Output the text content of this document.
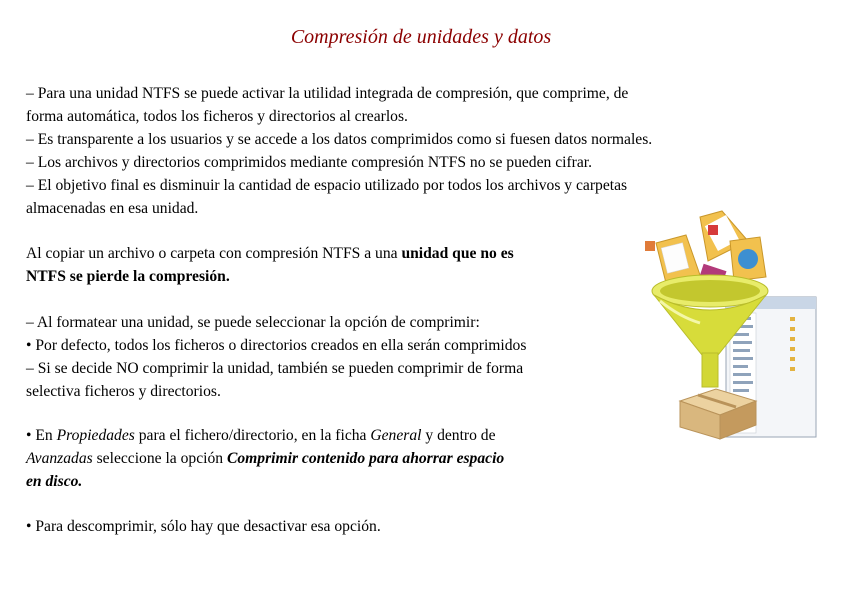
Compresión de unidades y datos
– Para una unidad NTFS se puede activar la utilidad integrada de compresión, que comprime, de
forma automática, todos los ficheros y directorios al crearlos.
– Es transparente a los usuarios y se accede a los datos comprimidos como si fuesen datos normales.
– Los archivos y directorios comprimidos mediante compresión NTFS no se pueden cifrar.
– El objetivo final es disminuir la cantidad de espacio utilizado por todos los archivos y carpetas
almacenadas en esa unidad.
Al copiar un archivo o carpeta con compresión NTFS a una unidad que no es
NTFS se pierde la compresión.
– Al formatear una unidad, se puede seleccionar la opción de comprimir:
• Por defecto, todos los ficheros o directorios creados en ella serán comprimidos
– Si se decide NO comprimir la unidad, también se pueden comprimir de forma
selectiva ficheros y directorios.
• En Propiedades para el fichero/directorio, en la ficha General y dentro de
Avanzadas seleccione la opción Comprimir contenido para ahorrar espacio
en disco.
• Para descomprimir, sólo hay que desactivar esa opción.
